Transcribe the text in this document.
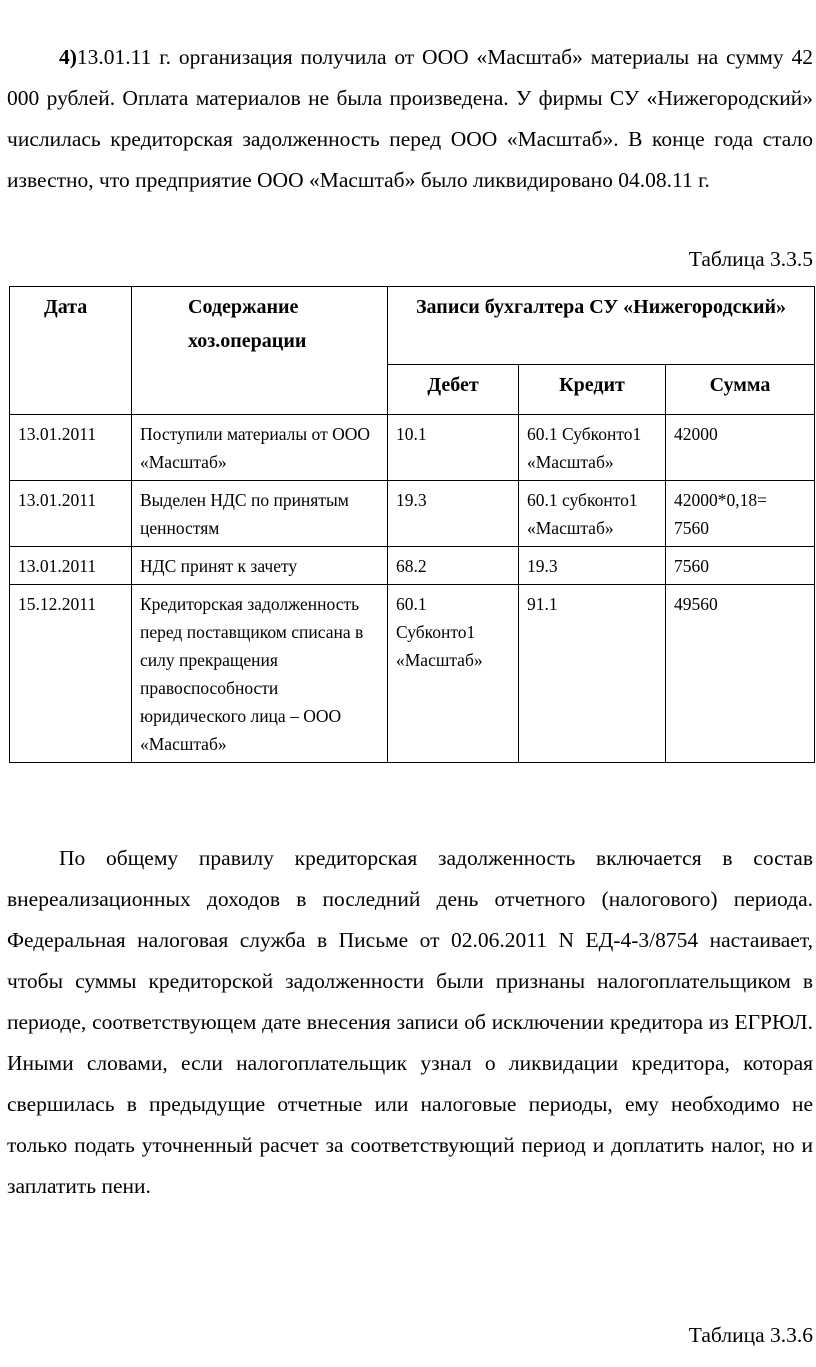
4)13.01.11 г. организация получила от ООО «Масштаб» материалы на сумму 42 000 рублей. Оплата материалов не была произведена. У фирмы СУ «Нижегородский» числилась кредиторская задолженность перед ООО «Масштаб». В конце года стало известно, что предприятие ООО «Масштаб» было ликвидировано 04.08.11 г.

Таблица 3.3.5
Дата	Содержание хоз.операции	Записи бухгалтера СУ «Нижегородский»		
		Дебет	Кредит	Сумма
13.01.2011	Поступили материалы от ООО «Масштаб»	10.1	60.1 Субконто1 «Масштаб»	42000
13.01.2011	Выделен НДС по принятым ценностям	19.3	60.1 субконто1 «Масштаб»	42000*0,18= 7560
13.01.2011	НДС принят к зачету	68.2	19.3	7560
15.12.2011	Кредиторская задолженность перед поставщиком списана в силу прекращения правоспособности юридического лица – ООО «Масштаб»	60.1 Субконто1 «Масштаб»	91.1	49560

По общему правилу кредиторская задолженность включается в состав внереализационных доходов в последний день отчетного (налогового) периода. Федеральная налоговая служба в Письме от 02.06.2011 N ЕД-4-3/8754 настаивает, чтобы суммы кредиторской задолженности были признаны налогоплательщиком в периоде, соответствующем дате внесения записи об исключении кредитора из ЕГРЮЛ. Иными словами, если налогоплательщик узнал о ликвидации кредитора, которая свершилась в предыдущие отчетные или налоговые периоды, ему необходимо не только подать уточненный расчет за соответствующий период и доплатить налог, но и заплатить пени.

Таблица 3.3.6
